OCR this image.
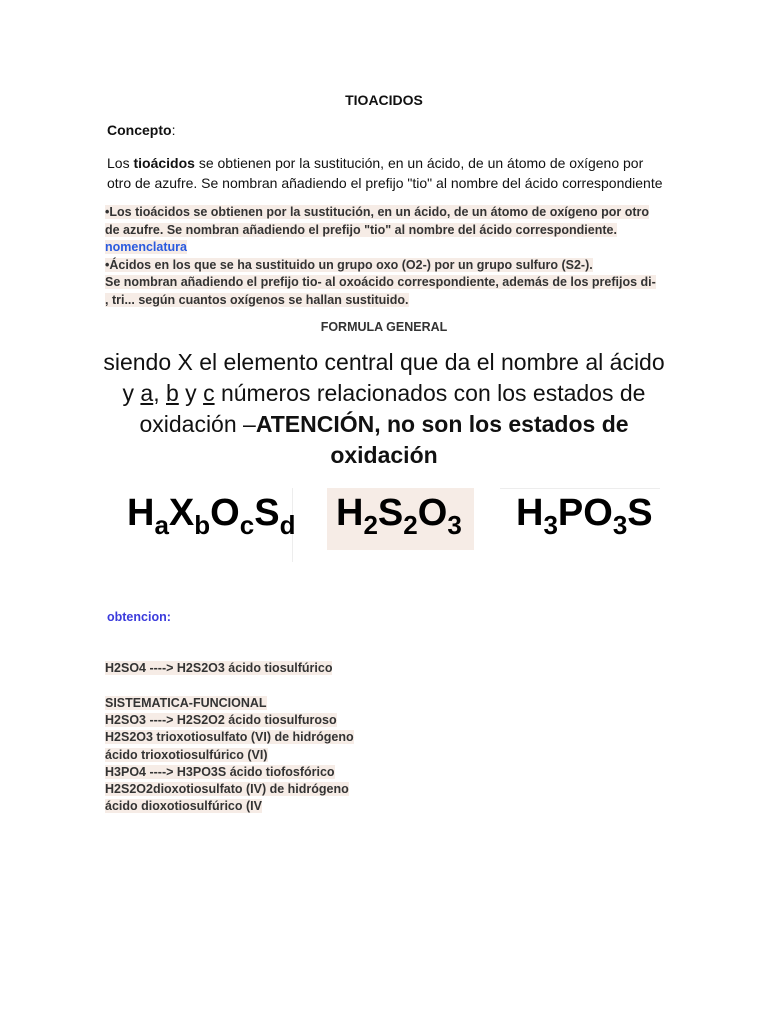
TIOACIDOS
Concepto:
Los tioácidos se obtienen por la sustitución, en un ácido, de un átomo de oxígeno por
otro de azufre. Se nombran añadiendo el prefijo "tio" al nombre del ácido correspondiente
•Los tioácidos se obtienen por la sustitución, en un ácido, de un átomo de oxígeno por otro
de azufre. Se nombran añadiendo el prefijo "tio" al nombre del ácido correspondiente.
nomenclatura
•Ácidos en los que se ha sustituido un grupo oxo (O2-) por un grupo sulfuro (S2-).
Se nombran añadiendo el prefijo tio- al oxoácido correspondiente, además de los prefijos di-
, tri... según cuantos oxígenos se hallan sustituido.
FORMULA GENERAL
siendo X el elemento central que da el nombre al ácido
y a, b y c números relacionados con los estados de
oxidación –ATENCIÓN, no son los estados de
oxidación
$H_aX_bO_cS_d$ $H_2S_2O_3$ $H_3PO_3S$
obtencion:
H2SO4 ----> H2S2O3 ácido tiosulfúrico
SISTEMATICA-FUNCIONAL
H2SO3 ----> H2S2O2 ácido tiosulfuroso
H2S2O3 trioxotiosulfato (VI) de hidrógeno
ácido trioxotiosulfúrico (VI)
H3PO4 ----> H3PO3S ácido tiofosfórico
H2S2O2dioxotiosulfato (IV) de hidrógeno
ácido dioxotiosulfúrico (IV
